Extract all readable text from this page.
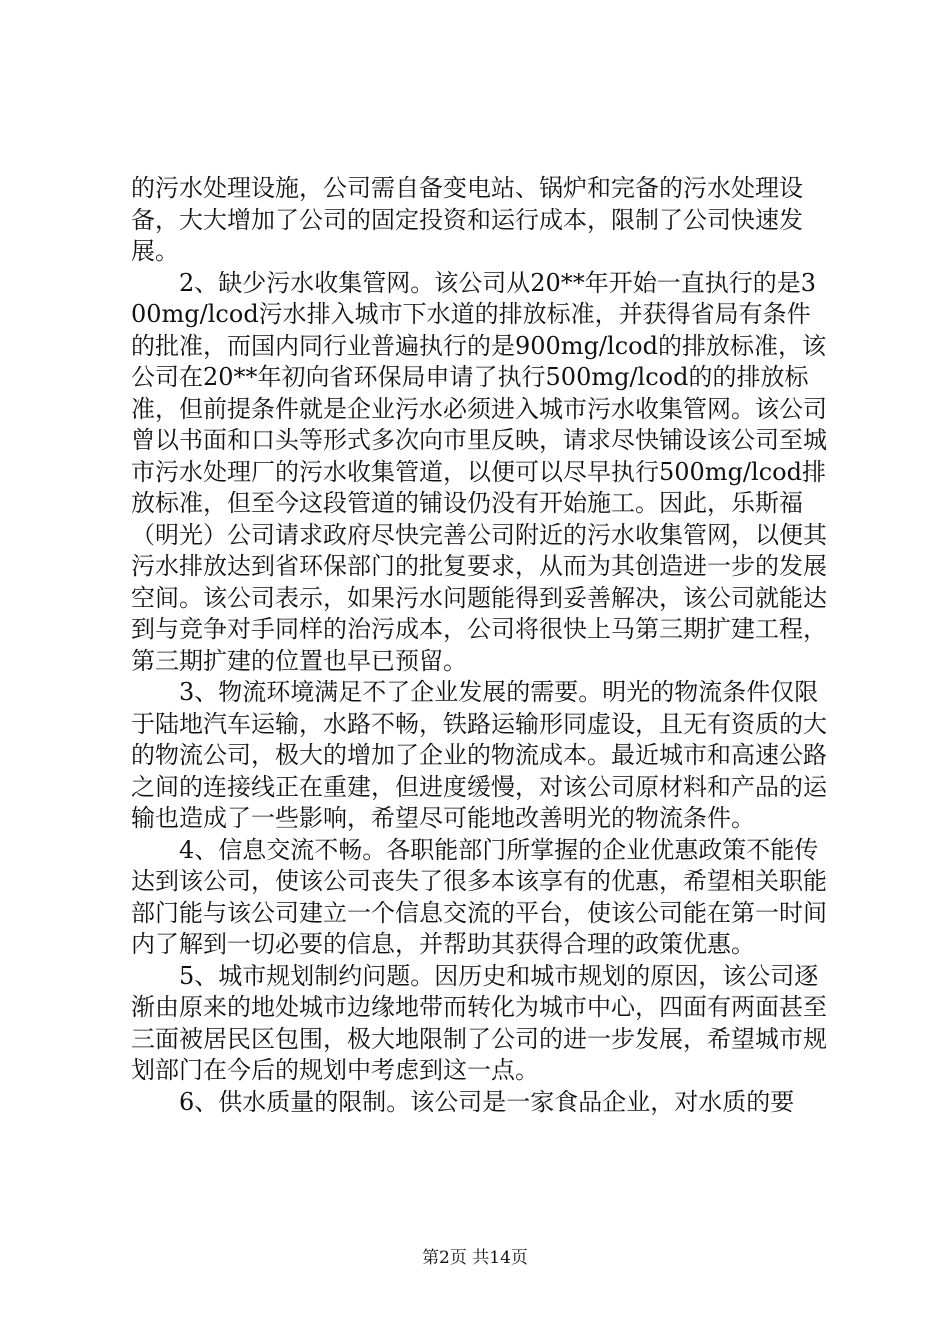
的污水处理设施，公司需自备变电站、锅炉和完备的污水处理设备，大大增加了公司的固定投资和运行成本，限制了公司快速发展。

　　2、缺少污水收集管网。该公司从20**年开始一直执行的是300mg/lcod污水排入城市下水道的排放标准，并获得省局有条件的批准，而国内同行业普遍执行的是900mg/lcod的排放标准，该公司在20**年初向省环保局申请了执行500mg/lcod的的排放标准，但前提条件就是企业污水必须进入城市污水收集管网。该公司曾以书面和口头等形式多次向市里反映，请求尽快铺设该公司至城市污水处理厂的污水收集管道，以便可以尽早执行500mg/lcod排放标准，但至今这段管道的铺设仍没有开始施工。因此，乐斯福（明光）公司请求政府尽快完善公司附近的污水收集管网，以便其污水排放达到省环保部门的批复要求，从而为其创造进一步的发展空间。该公司表示，如果污水问题能得到妥善解决，该公司就能达到与竞争对手同样的治污成本，公司将很快上马第三期扩建工程，第三期扩建的位置也早已预留。

　　3、物流环境满足不了企业发展的需要。明光的物流条件仅限于陆地汽车运输，水路不畅，铁路运输形同虚设，且无有资质的大的物流公司，极大的增加了企业的物流成本。最近城市和高速公路之间的连接线正在重建，但进度缓慢，对该公司原材料和产品的运输也造成了一些影响，希望尽可能地改善明光的物流条件。

　　4、信息交流不畅。各职能部门所掌握的企业优惠政策不能传达到该公司，使该公司丧失了很多本该享有的优惠，希望相关职能部门能与该公司建立一个信息交流的平台，使该公司能在第一时间内了解到一切必要的信息，并帮助其获得合理的政策优惠。

　　5、城市规划制约问题。因历史和城市规划的原因，该公司逐渐由原来的地处城市边缘地带而转化为城市中心，四面有两面甚至三面被居民区包围，极大地限制了公司的进一步发展，希望城市规划部门在今后的规划中考虑到这一点。

　　6、供水质量的限制。该公司是一家食品企业，对水质的要

第2页 共14页
